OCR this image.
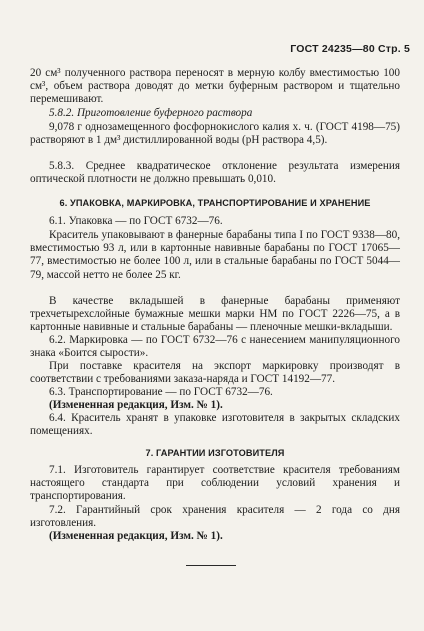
ГОСТ 24235—80 Стр. 5
20 см³ полученного раствора переносят в мерную колбу вместимостью 100 см³, объем раствора доводят до метки буферным раствором и тщательно перемешивают.
5.8.2. Приготовление буферного раствора
9,078 г однозамещенного фосфорнокислого калия х. ч. (ГОСТ 4198—75) растворяют в 1 дм³ дистиллированной воды (рН раствора 4,5).
5.8.3. Среднее квадратическое отклонение результата измерения оптической плотности не должно превышать 0,010.
6. УПАКОВКА, МАРКИРОВКА, ТРАНСПОРТИРОВАНИЕ И ХРАНЕНИЕ
6.1. Упаковка — по ГОСТ 6732—76.
Краситель упаковывают в фанерные барабаны типа I по ГОСТ 9338—80, вместимостью 93 л, или в картонные навивные барабаны по ГОСТ 17065—77, вместимостью не более 100 л, или в стальные барабаны по ГОСТ 5044—79, массой нетто не более 25 кг.
В качестве вкладышей в фанерные барабаны применяют трехчетырехслойные бумажные мешки марки НМ по ГОСТ 2226—75, а в картонные навивные и стальные барабаны — пленочные мешки-вкладыши.
6.2. Маркировка — по ГОСТ 6732—76 с нанесением манипуляционного знака «Боится сырости».
При поставке красителя на экспорт маркировку производят в соответствии с требованиями заказа-наряда и ГОСТ 14192—77.
6.3. Транспортирование — по ГОСТ 6732—76.
(Измененная редакция, Изм. № 1).
6.4. Краситель хранят в упаковке изготовителя в закрытых складских помещениях.
7. ГАРАНТИИ ИЗГОТОВИТЕЛЯ
7.1. Изготовитель гарантирует соответствие красителя требованиям настоящего стандарта при соблюдении условий хранения и транспортирования.
7.2. Гарантийный срок хранения красителя — 2 года со дня изготовления.
(Измененная редакция, Изм. № 1).
